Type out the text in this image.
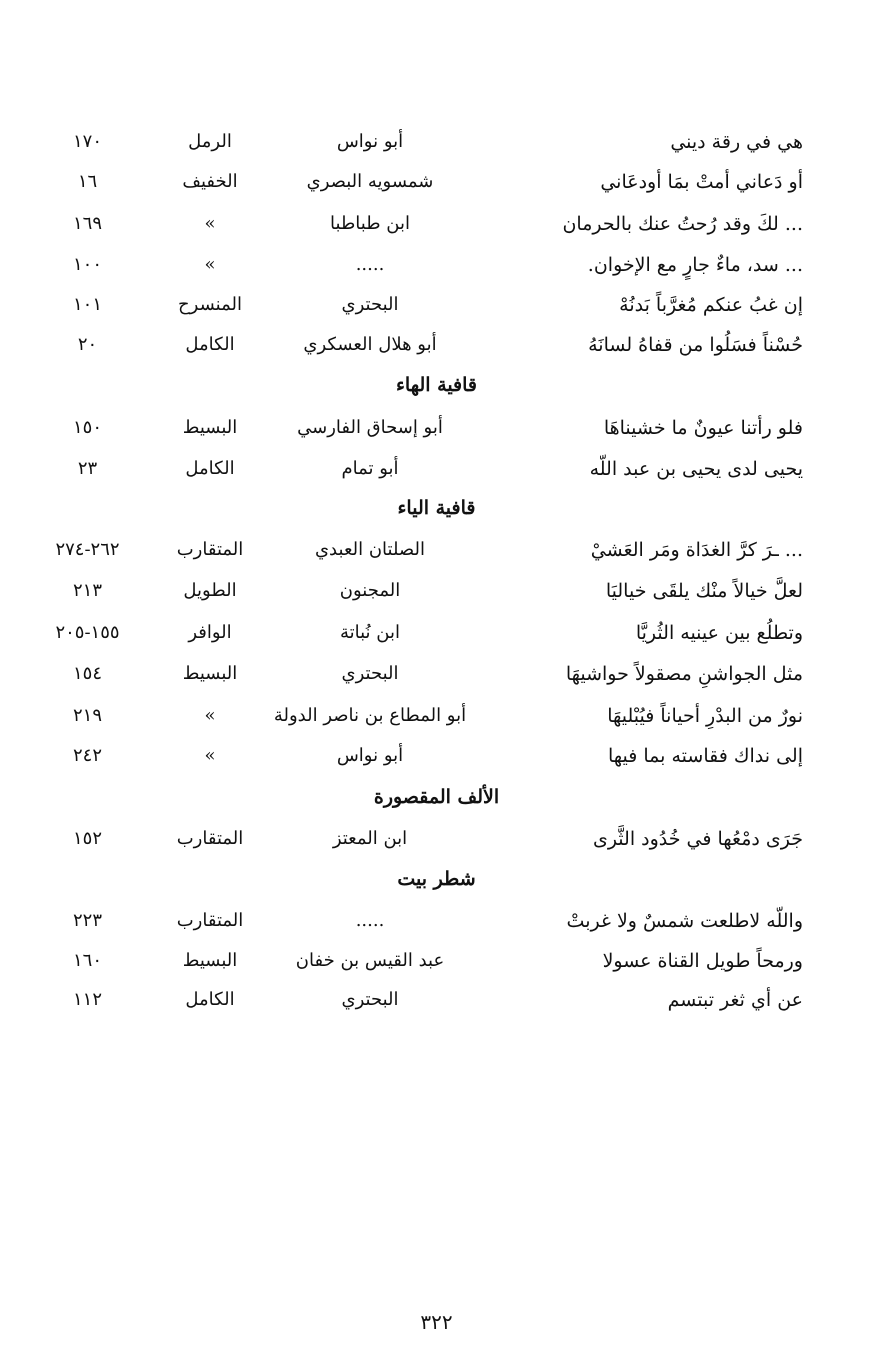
هي في رقة ديني
أبو نواس
الرمل
١٧٠
أو دَعاني أمتْ بمَا أودعَاني
شمسويه البصري
الخفيف
١٦
... لكَ وقد رُحتُ عنك بالحرمان
ابن طباطبا
»
١٦٩
... سد، ماءٌ جارٍ مع الإخوان.
.....
»
١٠٠
إن غبُ عنكم مُغرَّباً بَدنُهْ
البحتري
المنسرح
١٠١
حُسْناً فسَلُوا من قفاهُ لسانَهُ
أبو هلال العسكري
الكامل
٢٠
قافية الهاء
فلو رأتنا عيونٌ ما خشيناهَا
أبو إسحاق الفارسي
البسيط
١٥٠
يحيى لدى يحيى بن عبد اللّه
أبو تمام
الكامل
٢٣
قافية الياء
... ـرَ كرَّ الغدَاة ومَر العَشيْ
الصلتان العبدي
المتقارب
٢٦٢-٢٧٤
لعلَّ خيالاً منْك يلقَى خياليَا
المجنون
الطويل
٢١٣
وتطلُع بين عينيه الثُريَّا
ابن نُباتة
الوافر
١٥٥-٢٠٥
مثل الجواشنِ مصقولاً حواشيهَا
البحتري
البسيط
١٥٤
نورٌ من البدْرِ أحياناً فيُبْليهَا
أبو المطاع بن ناصر الدولة
»
٢١٩
إلى نداك فقاسته بما فيها
أبو نواس
»
٢٤٢
الألف المقصورة
جَرَى دمْعُها في خُدُود الثَّرى
ابن المعتز
المتقارب
١٥٢
شطر بيت
واللّه لاطلعت شمسٌ ولا غربتْ
.....
المتقارب
٢٢٣
ورمحاً طويل القناة عسولا
عبد القيس بن خفان
البسيط
١٦٠
عن أي ثغر تبتسم
البحتري
الكامل
١١٢
٣٢٢
